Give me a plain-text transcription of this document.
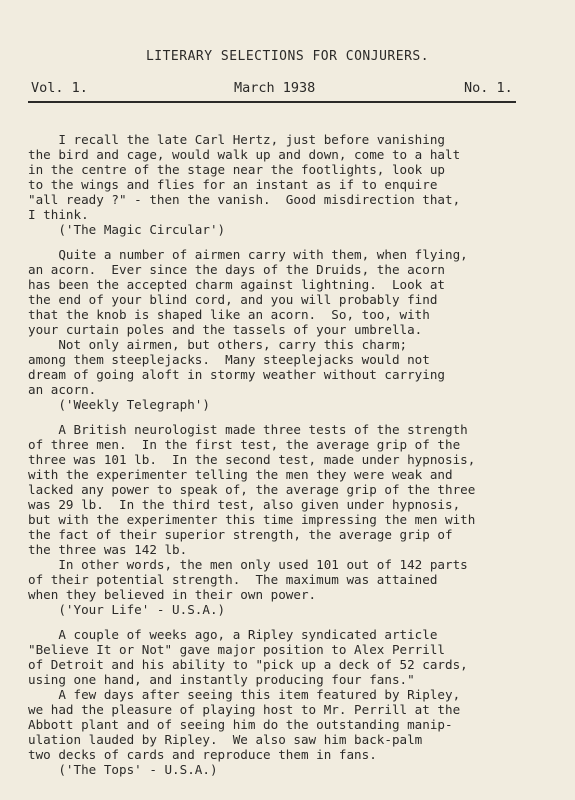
LITERARY SELECTIONS FOR CONJURERS.
Vol. 1.	March 1938	No. 1.
I recall the late Carl Hertz, just before vanishing
the bird and cage, would walk up and down, come to a halt
in the centre of the stage near the footlights, look up
to the wings and flies for an instant as if to enquire
"all ready ?" - then the vanish.  Good misdirection that,
I think.
('The Magic Circular')
Quite a number of airmen carry with them, when flying,
an acorn.  Ever since the days of the Druids, the acorn
has been the accepted charm against lightning.  Look at
the end of your blind cord, and you will probably find
that the knob is shaped like an acorn.  So, too, with
your curtain poles and the tassels of your umbrella.
Not only airmen, but others, carry this charm;
among them steeplejacks.  Many steeplejacks would not
dream of going aloft in stormy weather without carrying
an acorn.
('Weekly Telegraph')
A British neurologist made three tests of the strength
of three men.  In the first test, the average grip of the
three was 101 lb.  In the second test, made under hypnosis,
with the experimenter telling the men they were weak and
lacked any power to speak of, the average grip of the three
was 29 lb.  In the third test, also given under hypnosis,
but with the experimenter this time impressing the men with
the fact of their superior strength, the average grip of
the three was 142 lb.
In other words, the men only used 101 out of 142 parts
of their potential strength.  The maximum was attained
when they believed in their own power.
('Your Life' - U.S.A.)
A couple of weeks ago, a Ripley syndicated article
"Believe It or Not" gave major position to Alex Perrill
of Detroit and his ability to "pick up a deck of 52 cards,
using one hand, and instantly producing four fans."
A few days after seeing this item featured by Ripley,
we had the pleasure of playing host to Mr. Perrill at the
Abbott plant and of seeing him do the outstanding manip-
ulation lauded by Ripley.  We also saw him back-palm
two decks of cards and reproduce them in fans.
('The Tops' - U.S.A.)
